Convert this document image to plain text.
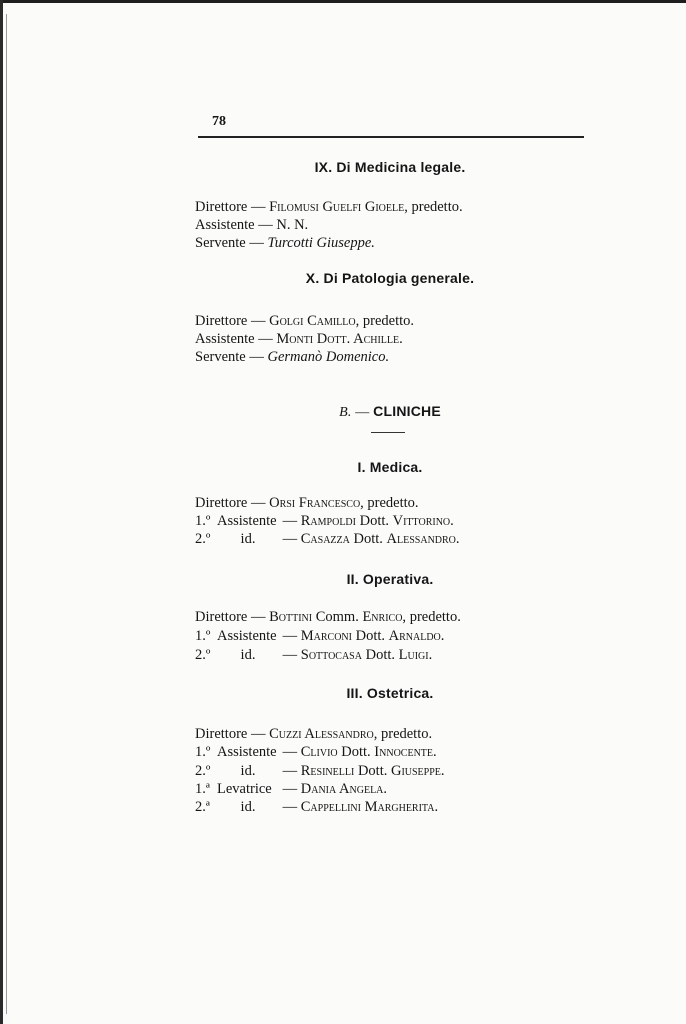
78
IX. Di Medicina legale.
Direttore — Filomusi Guelfi Gioele, predetto.
Assistente — N. N.
Servente — Turcotti Giuseppe.
X. Di Patologia generale.
Direttore — Golgi Camillo, predetto.
Assistente — Monti Dott. Achille.
Servente — Germanò Domenico.
B. — CLINICHE
I. Medica.
Direttore — Orsi Francesco, predetto.
1.º Assistente — Rampoldi Dott. Vittorino.
2.º id. — Casazza Dott. Alessandro.
II. Operativa.
Direttore — Bottini Comm. Enrico, predetto.
1.º Assistente — Marconi Dott. Arnaldo.
2.º id. — Sottocasa Dott. Luigi.
III. Ostetrica.
Direttore — Cuzzi Alessandro, predetto.
1.º Assistente — Clivio Dott. Innocente.
2.º id. — Resinelli Dott. Giuseppe.
1.ª Levatrice — Dania Angela.
2.ª id. — Cappellini Margherita.
